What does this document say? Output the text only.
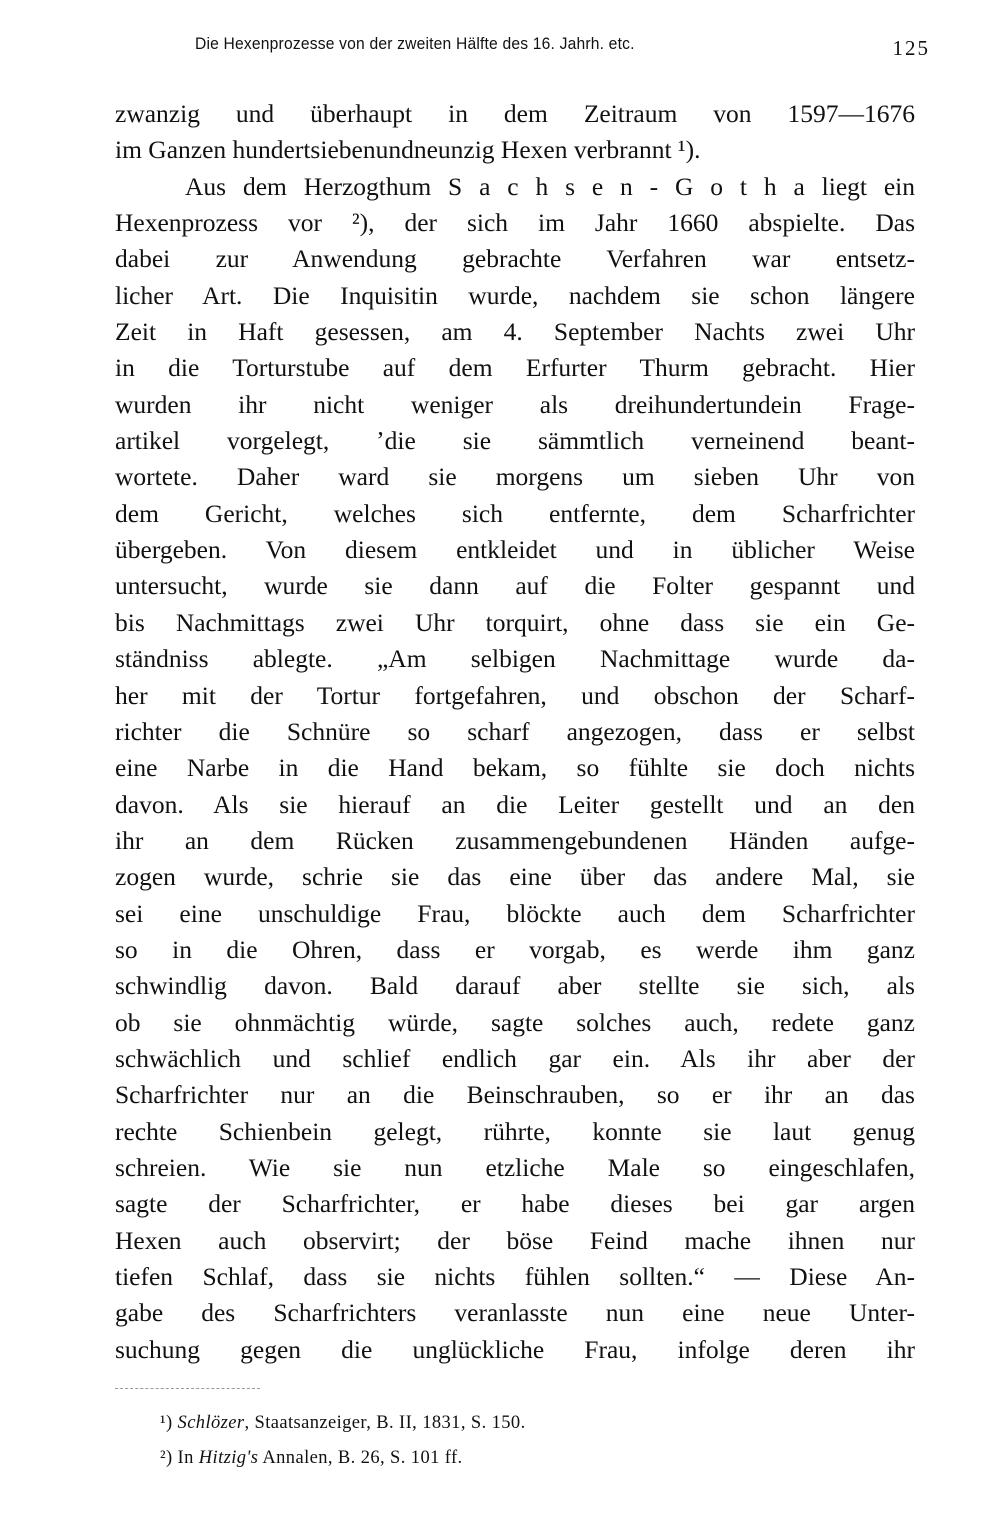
Die Hexenprozesse von der zweiten Hälfte des 16. Jahrh. etc.	125
zwanzig und überhaupt in dem Zeitraum von 1597—1676
im Ganzen hundertsiebenundneunzig Hexen verbrannt ¹).
Aus dem Herzogthum S a c h s e n - G o t h a liegt ein
Hexenprozess vor ²), der sich im Jahr 1660 abspielte. Das
dabei zur Anwendung gebrachte Verfahren war entsetz-
licher Art. Die Inquisitin wurde, nachdem sie schon längere
Zeit in Haft gesessen, am 4. September Nachts zwei Uhr
in die Torturstube auf dem Erfurter Thurm gebracht. Hier
wurden ihr nicht weniger als dreihundertundein Frage-
artikel vorgelegt, ʼdie sie sämmtlich verneinend beant-
wortete. Daher ward sie morgens um sieben Uhr von
dem Gericht, welches sich entfernte, dem Scharfrichter
übergeben. Von diesem entkleidet und in üblicher Weise
untersucht, wurde sie dann auf die Folter gespannt und
bis Nachmittags zwei Uhr torquirt, ohne dass sie ein Ge-
ständniss ablegte. „Am selbigen Nachmittage wurde da-
her mit der Tortur fortgefahren, und obschon der Scharf-
richter die Schnüre so scharf angezogen, dass er selbst
eine Narbe in die Hand bekam, so fühlte sie doch nichts
davon. Als sie hierauf an die Leiter gestellt und an den
ihr an dem Rücken zusammengebundenen Händen aufge-
zogen wurde, schrie sie das eine über das andere Mal, sie
sei eine unschuldige Frau, blöckte auch dem Scharfrichter
so in die Ohren, dass er vorgab, es werde ihm ganz
schwindlig davon. Bald darauf aber stellte sie sich, als
ob sie ohnmächtig würde, sagte solches auch, redete ganz
schwächlich und schlief endlich gar ein. Als ihr aber der
Scharfrichter nur an die Beinschrauben, so er ihr an das
rechte Schienbein gelegt, rührte, konnte sie laut genug
schreien. Wie sie nun etzliche Male so eingeschlafen,
sagte der Scharfrichter, er habe dieses bei gar argen
Hexen auch observirt; der böse Feind mache ihnen nur
tiefen Schlaf, dass sie nichts fühlen sollten.“ — Diese An-
gabe des Scharfrichters veranlasste nun eine neue Unter-
suchung gegen die unglückliche Frau, infolge deren ihr
¹) Schlözer, Staatsanzeiger, B. II, 1831, S. 150.
²) In Hitzig's Annalen, B. 26, S. 101 ff.
